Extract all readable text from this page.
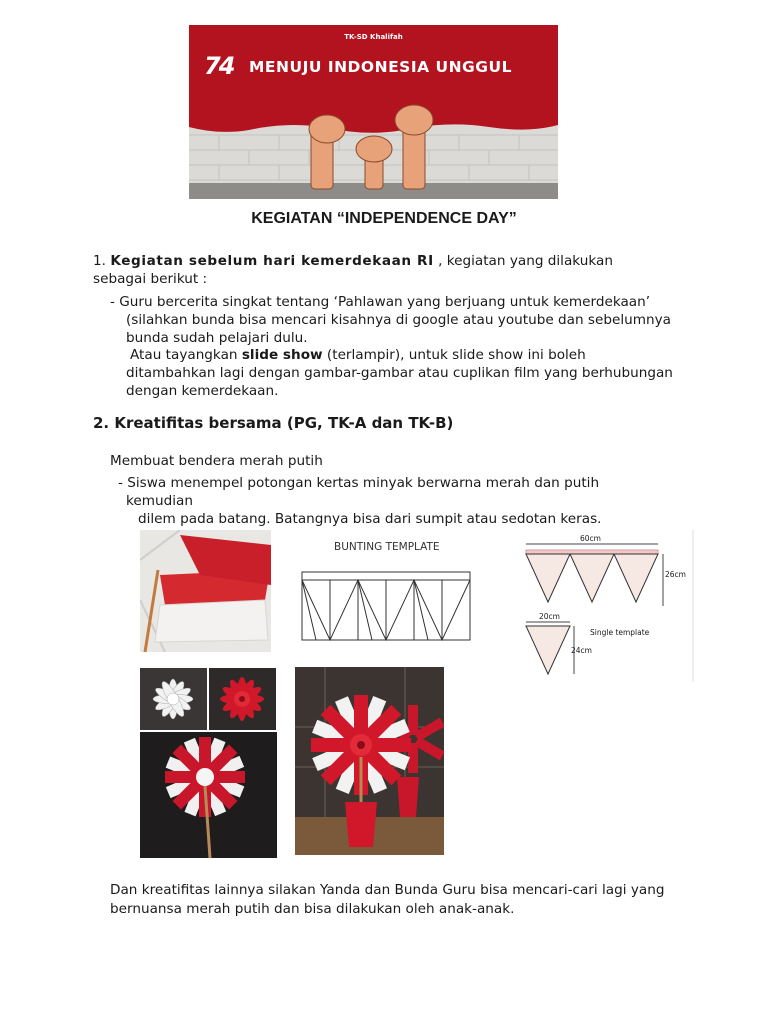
TK-SD Khalifah
74 MENUJU INDONESIA UNGGUL
KEGIATAN “INDEPENDENCE DAY”
1. Kegiatan sebelum hari kemerdekaan RI , kegiatan yang dilakukan
sebagai berikut :
- Guru bercerita singkat tentang ‘Pahlawan yang berjuang untuk kemerdekaan’
(silahkan bunda bisa mencari kisahnya di google atau youtube dan sebelumnya
bunda sudah pelajari dulu.
Atau tayangkan slide show (terlampir), untuk slide show ini boleh
ditambahkan lagi dengan gambar-gambar atau cuplikan film yang berhubungan
dengan kemerdekaan.
2. Kreatifitas bersama (PG, TK-A dan TK-B)
Membuat bendera merah putih
- Siswa menempel potongan kertas minyak berwarna merah dan putih
kemudian
dilem pada batang. Batangnya bisa dari sumpit atau sedotan keras.
BUNTING TEMPLATE
60cm
26cm
20cm
Single template
24cm
Dan kreatifitas lainnya silakan Yanda dan Bunda Guru bisa mencari-cari lagi yang
bernuansa merah putih dan bisa dilakukan oleh anak-anak.
